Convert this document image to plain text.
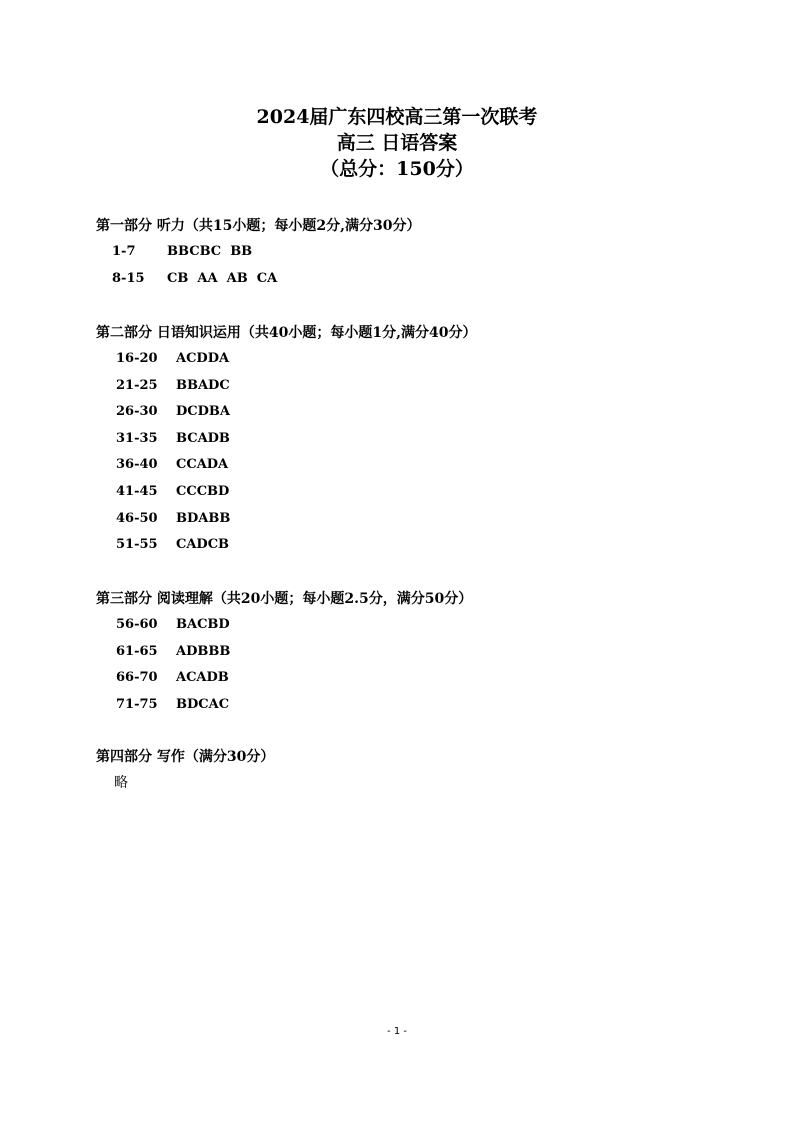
2024届广东四校高三第一次联考
高三 日语答案
（总分：150分）
第一部分 听力（共15小题；每小题2分,满分30分）
1-7	BBCBC  BB
8-15	CB  AA  AB  CA
第二部分 日语知识运用（共40小题；每小题1分,满分40分）
16-20	ACDDA
21-25	BBADC
26-30	DCDBA
31-35	BCADB
36-40	CCADA
41-45	CCCBD
46-50	BDABB
51-55	CADCB
第三部分 阅读理解（共20小题；每小题2.5分，满分50分）
56-60	BACBD
61-65	ADBBB
66-70	ACADB
71-75	BDCAC
第四部分 写作（满分30分）
略
- 1 -
